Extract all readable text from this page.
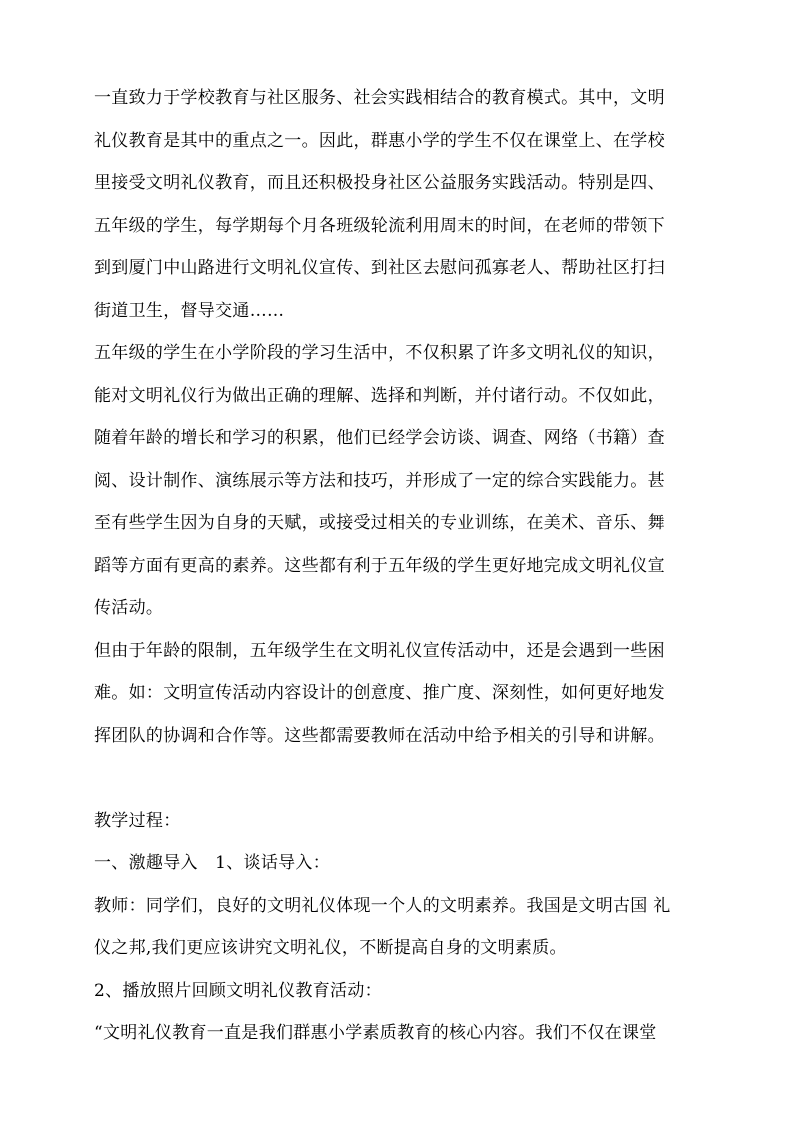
一直致力于学校教育与社区服务、社会实践相结合的教育模式。其中，文明
礼仪教育是其中的重点之一。因此，群惠小学的学生不仅在课堂上、在学校
里接受文明礼仪教育，而且还积极投身社区公益服务实践活动。特别是四、
五年级的学生，每学期每个月各班级轮流利用周末的时间，在老师的带领下
到到厦门中山路进行文明礼仪宣传、到社区去慰问孤寡老人、帮助社区打扫
街道卫生，督导交通……
五年级的学生在小学阶段的学习生活中，不仅积累了许多文明礼仪的知识，
能对文明礼仪行为做出正确的理解、选择和判断，并付诸行动。不仅如此，
随着年龄的增长和学习的积累，他们已经学会访谈、调查、网络（书籍）查
阅、设计制作、演练展示等方法和技巧，并形成了一定的综合实践能力。甚
至有些学生因为自身的天赋，或接受过相关的专业训练，在美术、音乐、舞
蹈等方面有更高的素养。这些都有利于五年级的学生更好地完成文明礼仪宣
传活动。
但由于年龄的限制，五年级学生在文明礼仪宣传活动中，还是会遇到一些困
难。如：文明宣传活动内容设计的创意度、推广度、深刻性，如何更好地发
挥团队的协调和合作等。这些都需要教师在活动中给予相关的引导和讲解。
教学过程：
一、激趣导入　1、谈话导入：
教师：同学们，良好的文明礼仪体现一个人的文明素养。我国是文明古国 礼
仪之邦,我们更应该讲究文明礼仪，不断提高自身的文明素质。
2、播放照片回顾文明礼仪教育活动：
“文明礼仪教育一直是我们群惠小学素质教育的核心内容。我们不仅在课堂
